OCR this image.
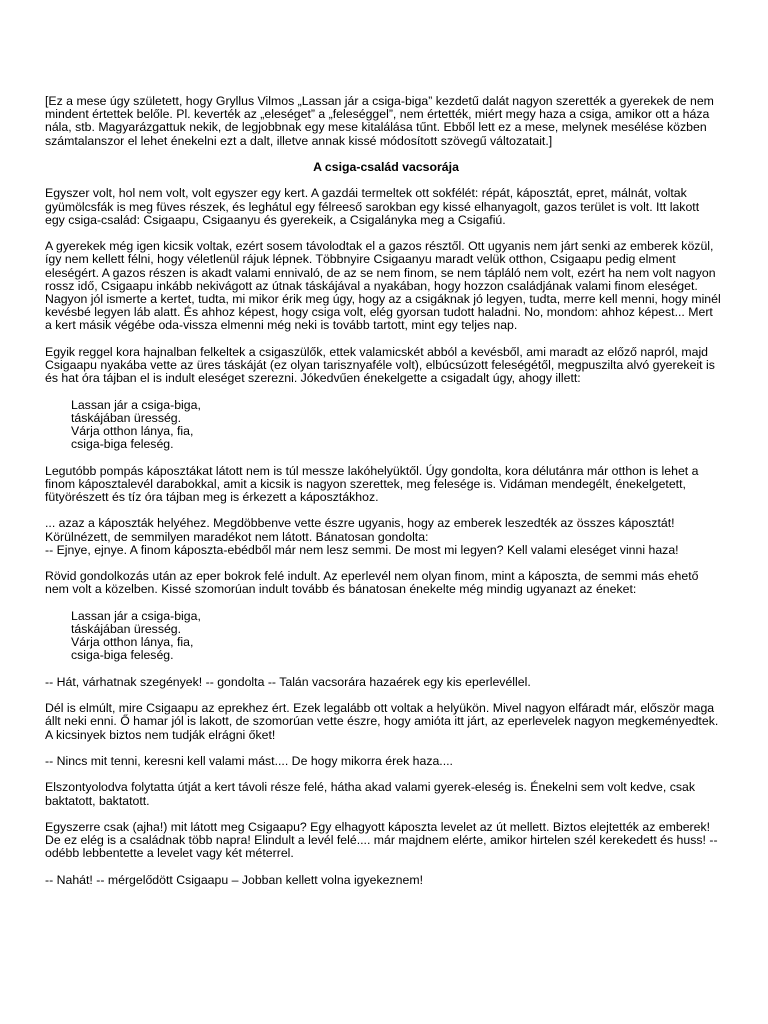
[Ez a mese úgy született, hogy Gryllus Vilmos „Lassan jár a csiga-biga” kezdetű dalát nagyon szerették a gyerekek de nem
mindent értettek belőle. Pl. keverték az „eleséget” a „feleséggel”, nem értették, miért megy haza a csiga, amikor ott a háza
nála, stb. Magyarázgattuk nekik, de legjobbnak egy mese kitalálása tűnt. Ebből lett ez a mese, melynek mesélése közben
számtalanszor el lehet énekelni ezt a dalt, illetve annak kissé módosított szövegű változatait.]

A csiga-család vacsorája

Egyszer volt, hol nem volt, volt egyszer egy kert. A gazdái termeltek ott sokfélét: répát, káposztát, epret, málnát, voltak
gyümölcsfák is meg füves részek, és leghátul egy félreeső sarokban egy kissé elhanyagolt, gazos terület is volt. Itt lakott
egy csiga-család: Csigaapu, Csigaanyu és gyerekeik, a Csigalányka meg a Csigafiú.

A gyerekek még igen kicsik voltak, ezért sosem távolodtak el a gazos résztől. Ott ugyanis nem járt senki az emberek közül,
így nem kellett félni, hogy véletlenül rájuk lépnek. Többnyire Csigaanyu maradt velük otthon, Csigaapu pedig elment
eleségért. A gazos részen is akadt valami ennivaló, de az se nem finom, se nem tápláló nem volt, ezért ha nem volt nagyon
rossz idő, Csigaapu inkább nekivágott az útnak táskájával a nyakában, hogy hozzon családjának valami finom eleséget.
Nagyon jól ismerte a kertet, tudta, mi mikor érik meg úgy, hogy az a csigáknak jó legyen, tudta, merre kell menni, hogy minél
kevésbé legyen láb alatt. És ahhoz képest, hogy csiga volt, elég gyorsan tudott haladni. No, mondom: ahhoz képest... Mert
a kert másik végébe oda-vissza elmenni még neki is tovább tartott, mint egy teljes nap.

Egyik reggel kora hajnalban felkeltek a csigaszülők, ettek valamicskét abból a kevésből, ami maradt az előző napról, majd
Csigaapu nyakába vette az üres táskáját (ez olyan tarisznyaféle volt), elbúcsúzott feleségétől, megpuszilta alvó gyerekeit is
és hat óra tájban el is indult eleséget szerezni. Jókedvűen énekelgette a csigadalt úgy, ahogy illett:

Lassan jár a csiga-biga,
táskájában üresség.
Várja otthon lánya, fia,
csiga-biga feleség.

Legutóbb pompás káposztákat látott nem is túl messze lakóhelyüktől. Úgy gondolta, kora délutánra már otthon is lehet a
finom káposztalevél darabokkal, amit a kicsik is nagyon szerettek, meg felesége is. Vidáman mendegélt, énekelgetett,
fütyörészett és tíz óra tájban meg is érkezett a káposztákhoz.

... azaz a káposzták helyéhez. Megdöbbenve vette észre ugyanis, hogy az emberek leszedték az összes káposztát!
Körülnézett, de semmilyen maradékot nem látott. Bánatosan gondolta:
-- Ejnye, ejnye. A finom káposzta-ebédből már nem lesz semmi. De most mi legyen? Kell valami eleséget vinni haza!

Rövid gondolkozás után az eper bokrok felé indult. Az eperlevél nem olyan finom, mint a káposzta, de semmi más ehető
nem volt a közelben. Kissé szomorúan indult tovább és bánatosan énekelte még mindig ugyanazt az éneket:

Lassan jár a csiga-biga,
táskájában üresség.
Várja otthon lánya, fia,
csiga-biga feleség.

-- Hát, várhatnak szegények! -- gondolta -- Talán vacsorára hazaérek egy kis eperlevéllel.

Dél is elmúlt, mire Csigaapu az eprekhez ért. Ezek legalább ott voltak a helyükön. Mivel nagyon elfáradt már, először maga
állt neki enni. Ő hamar jól is lakott, de szomorúan vette észre, hogy amióta itt járt, az eperlevelek nagyon megkeményedtek.
A kicsinyek biztos nem tudják elrágni őket!

-- Nincs mit tenni, keresni kell valami mást.... De hogy mikorra érek haza....

Elszontyolodva folytatta útját a kert távoli része felé, hátha akad valami gyerek-eleség is. Énekelni sem volt kedve, csak
baktatott, baktatott.

Egyszerre csak (ajha!) mit látott meg Csigaapu? Egy elhagyott káposzta levelet az út mellett. Biztos elejtették az emberek!
De ez elég is a családnak több napra! Elindult a levél felé.... már majdnem elérte, amikor hirtelen szél kerekedett és huss! --
odébb lebbentette a levelet vagy két méterrel.

-- Nahát! -- mérgelődött Csigaapu – Jobban kellett volna igyekeznem!
